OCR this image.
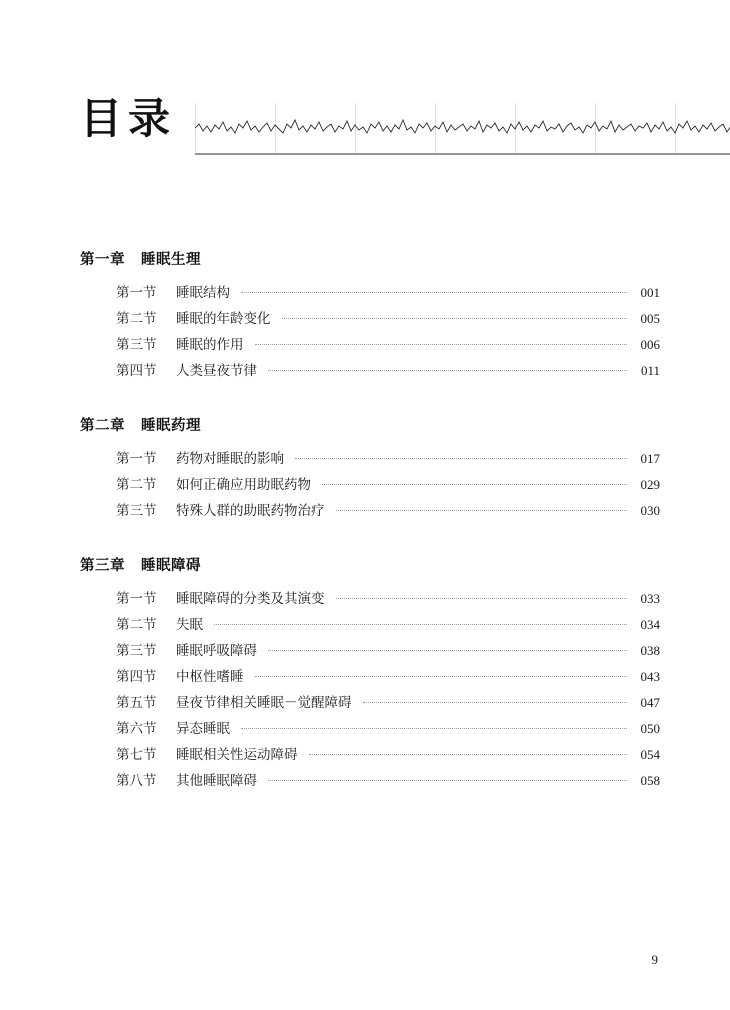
目录
第一章 睡眠生理
第一节	睡眠结构	001
第二节	睡眠的年龄变化	005
第三节	睡眠的作用	006
第四节	人类昼夜节律	011
第二章 睡眠药理
第一节	药物对睡眠的影响	017
第二节	如何正确应用助眠药物	029
第三节	特殊人群的助眠药物治疗	030
第三章 睡眠障碍
第一节	睡眠障碍的分类及其演变	033
第二节	失眠	034
第三节	睡眠呼吸障碍	038
第四节	中枢性嗜睡	043
第五节	昼夜节律相关睡眠－觉醒障碍	047
第六节	异态睡眠	050
第七节	睡眠相关性运动障碍	054
第八节	其他睡眠障碍	058
9
